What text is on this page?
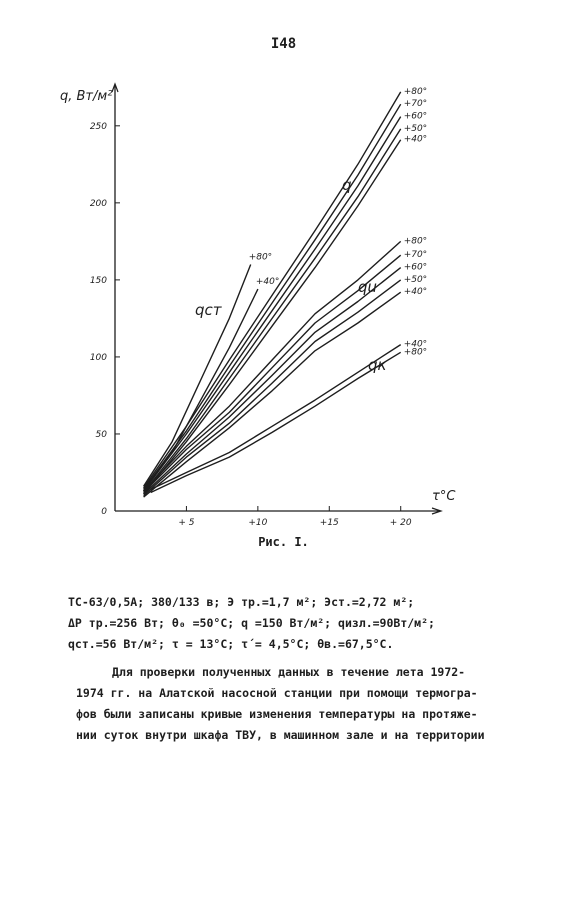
I48
0
50
100
150
200
250
+ 5	+10	+15	+ 20
+80°
+70°
+60°
+50°
+40°
+80°
+40°
+80°
+70°
+60°
+50°
+40°
+40°
+80°
q, Вт/м²
τ°C
q
qст
qu
qк
Рис. I.
ТС-63/0,5А; 380/133 в; Э тр.=1,7 м²; Эст.=2,72 м²;
ΔР тр.=256 Вт; θ₀ =50°С; q =150 Вт/м²; qизл.=90Вт/м²;
qст.=56 Вт/м²; τ = 13°С; τ´= 4,5°С; θв.=67,5°С.
Для проверки полученных данных в течение лета 1972-
1974 гг. на Алатской насосной станции при помощи термогра-
фов были записаны кривые изменения температуры на протяже-
нии суток внутри шкафа ТВУ, в машинном зале и на территории
